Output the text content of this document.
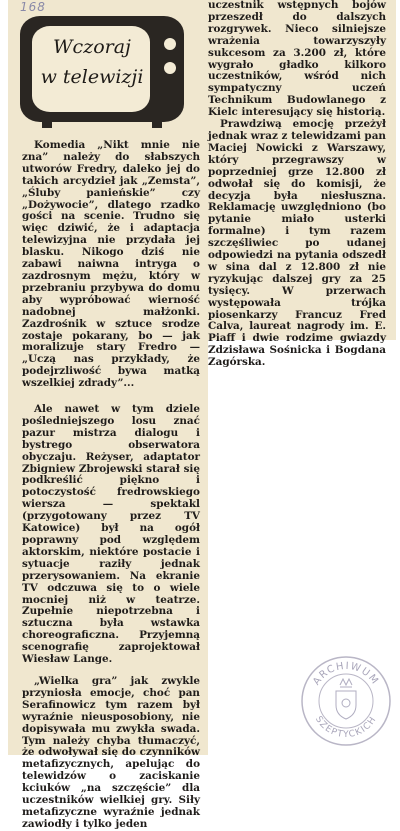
168
Wczoraj
w telewizji

Komedia „Nikt mnie nie zna” należy do słabszych utworów Fredry, daleko jej do takich arcydzieł jak „Zemsta”, „Śluby panieńskie” czy „Dożywocie”, dlatego rzadko gości na scenie. Trudno się więc dziwić, że i adaptacja telewizyjna nie przydała jej blasku. Nikogo dziś nie zabawi naiwna intryga o zazdrosnym mężu, który w przebraniu przybywa do domu aby wypróbować wierność nadobnej małżonki. Zazdrośnik w sztuce srodze zostaje pokarany, bo — jak moralizuje stary Fredro — „Uczą nas przykłady, że podejrzliwość bywa matką wszelkiej zdrady”...

Ale nawet w tym dziele pośledniejszego losu znać pazur mistrza dialogu i bystrego obserwatora obyczaju. Reżyser, adaptator Zbigniew Zbrojewski starał się podkreślić piękno i potoczystość fredrowskiego wiersza — spektakl (przygotowany przez TV Katowice) był na ogół poprawny pod względem aktorskim, niektóre postacie i sytuacje raziły jednak przerysowaniem. Na ekranie TV odczuwa się to o wiele mocniej niż w teatrze. Zupełnie niepotrzebna i sztuczna była wstawka choreograficzna. Przyjemną scenografię zaprojektował Wiesław Lange.

„Wielka gra” jak zwykle przyniosła emocje, choć pan Serafinowicz tym razem był wyraźnie nieusposobiony, nie dopisywała mu zwykła swada. Tym należy chyba tłumaczyć, że odwoływał się do czynników metafizycznych, apelując do telewidzów o zaciskanie kciuków „na szczęście” dla uczestników wielkiej gry. Siły metafizyczne wyraźnie jednak zawiodły i tylko jeden

uczestnik wstępnych bojów przeszedł do dalszych rozgrywek. Nieco silniejsze wrażenia towarzyszyły sukcesom za 3.200 zł, które wygrało gładko kilkoro uczestników, wśród nich sympatyczny uczeń Technikum Budowlanego z Kielc interesujący się historią.

Prawdziwą emocję przeżył jednak wraz z telewidzami pan Maciej Nowicki z Warszawy, który przegrawszy w poprzedniej grze 12.800 zł odwołał się do komisji, że decyzja była niesłuszna. Reklamację uwzględniono (bo pytanie miało usterki formalne) i tym razem szczęśliwiec po udanej odpowiedzi na pytania odszedł w sina dal z 12.800 zł nie ryzykując dalszej gry za 25 tysięcy. W przerwach występowała trójka piosenkarzy Francuz Fred Calva, laureat nagrody im. E. Piaff i dwie rodzime gwiazdy Zdzisława Sośnicka i Bogdana Zagórska.

ARCHIWUM
SZEPTYCKICH
